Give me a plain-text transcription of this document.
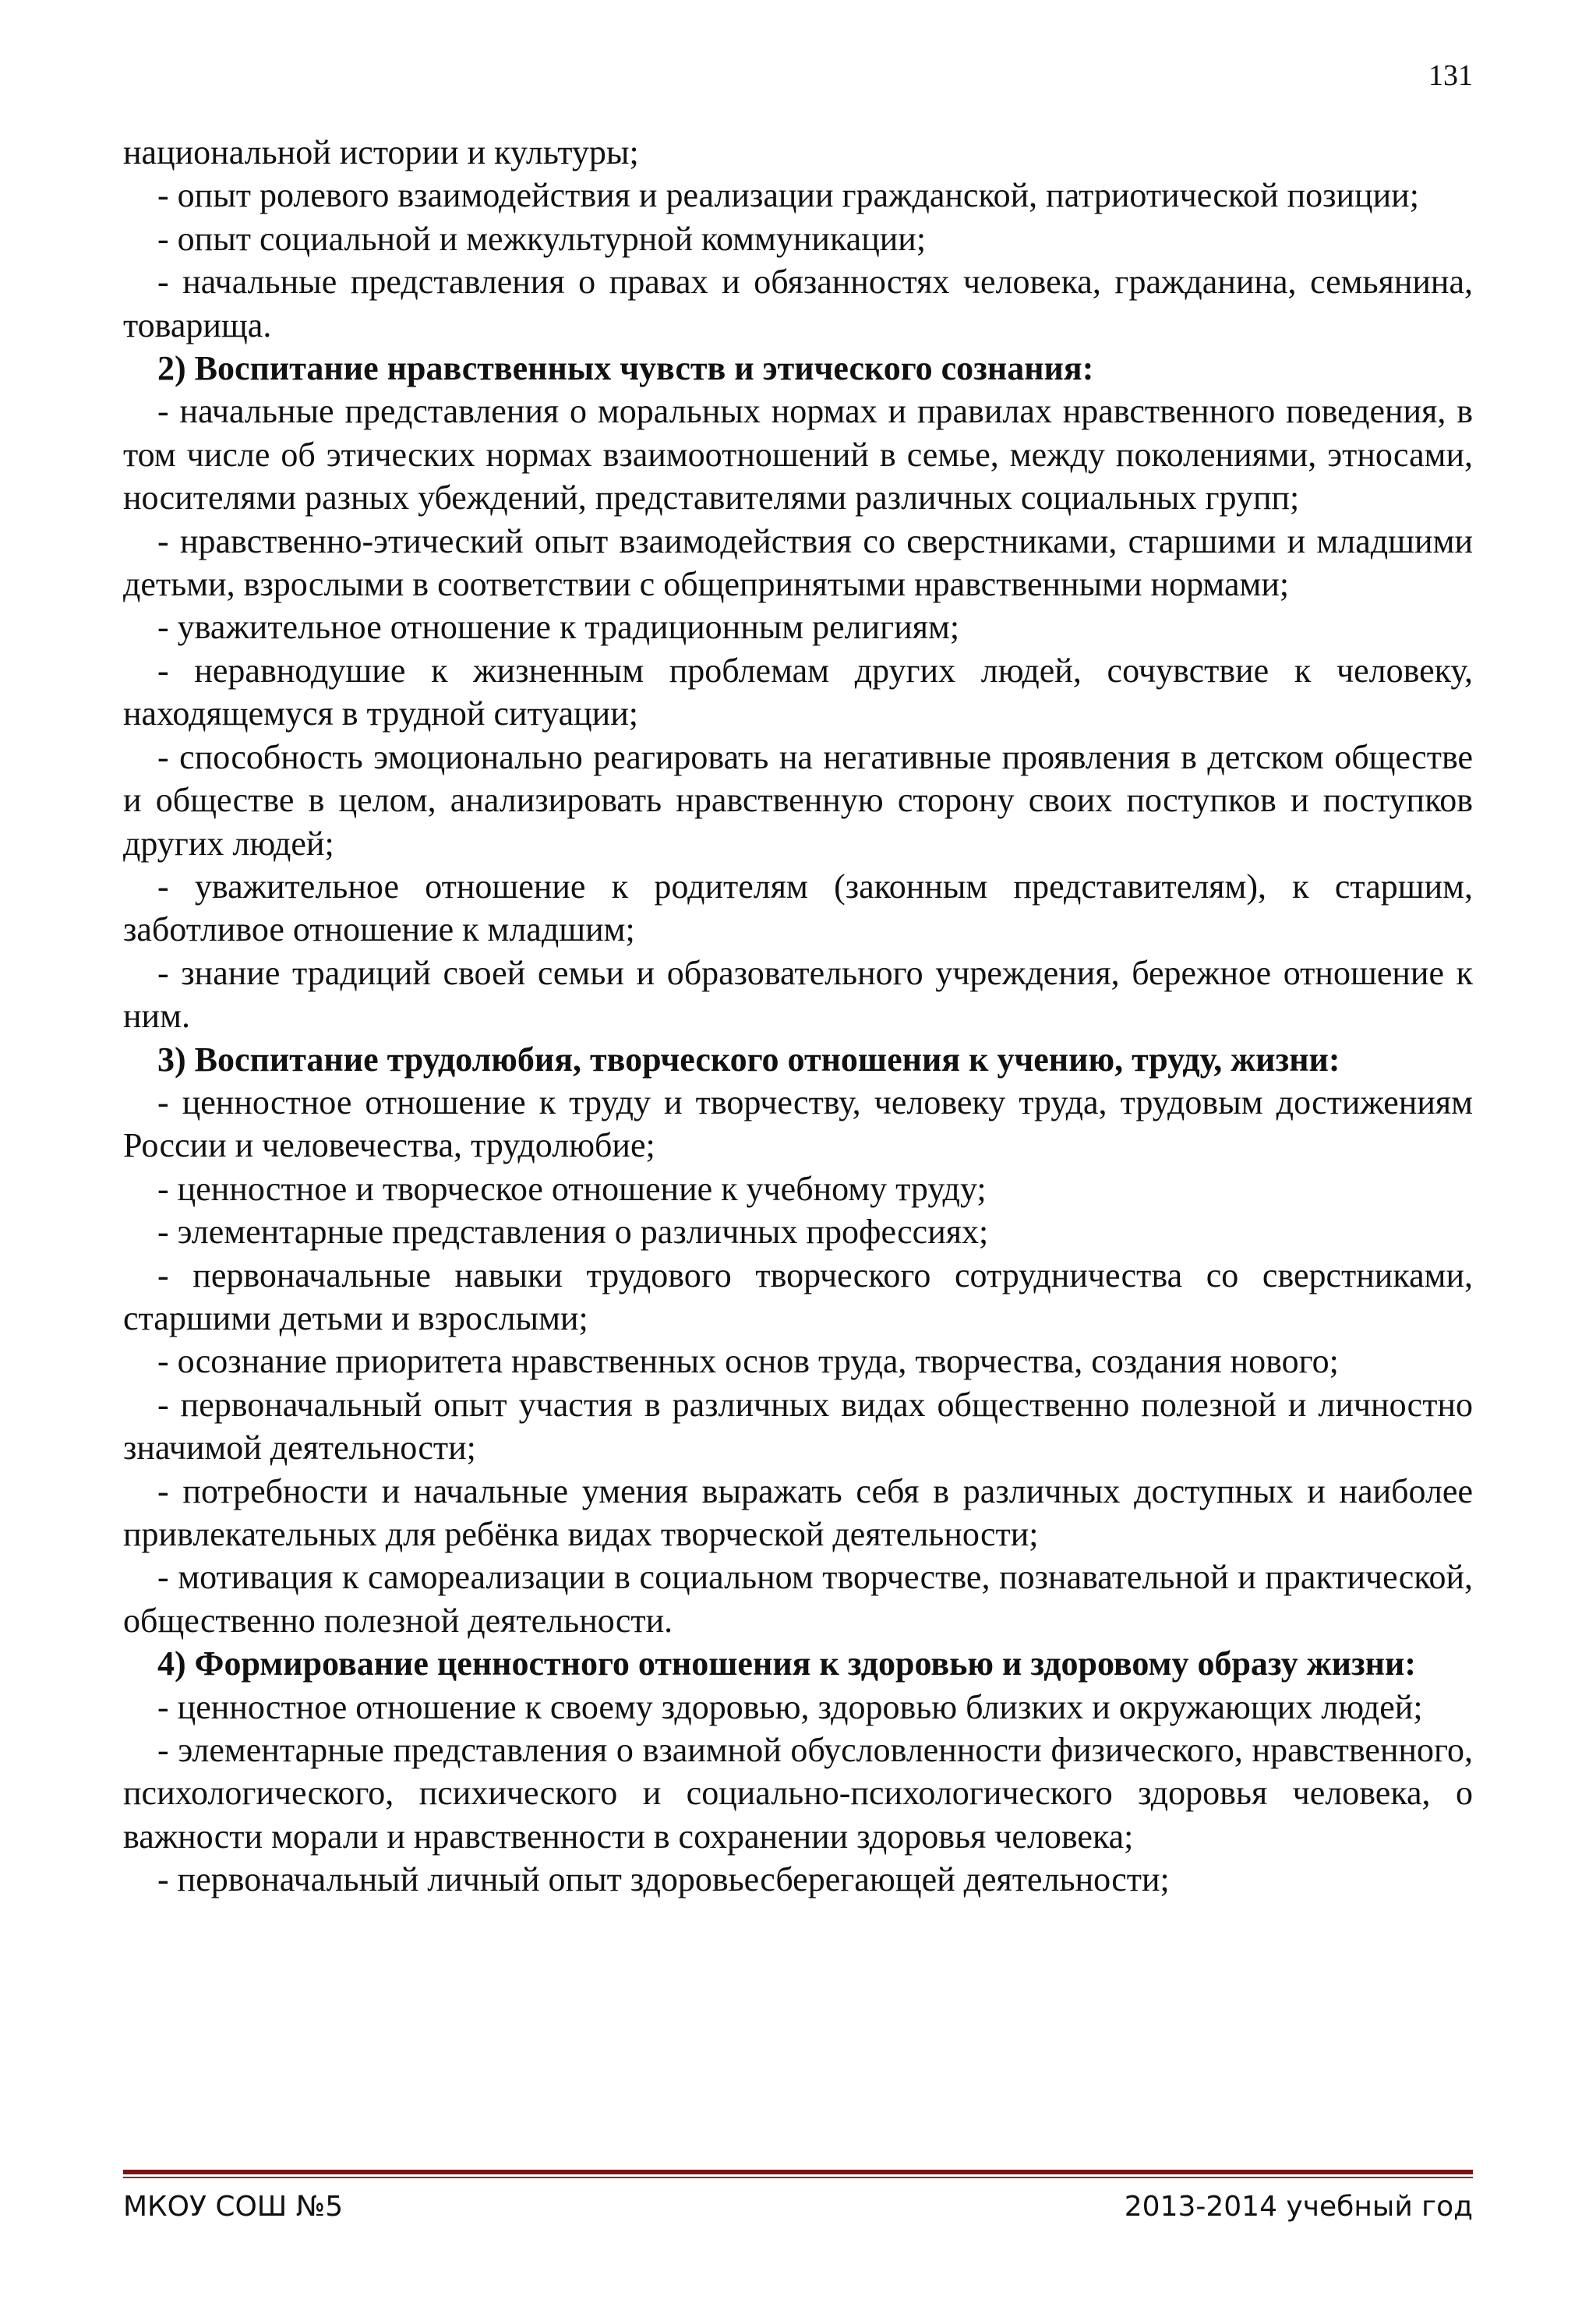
131

национальной истории и культуры;

- опыт ролевого взаимодействия и реализации гражданской, патриотической позиции;

- опыт социальной и межкультурной коммуникации;

- начальные представления о правах и обязанностях человека, гражданина, семьянина, товарища.

2) Воспитание нравственных чувств и этического сознания:

- начальные представления о моральных нормах и правилах нравственного поведения, в том числе об этических нормах взаимоотношений в семье, между поколениями, этносами, носителями разных убеждений, представителями различных социальных групп;

- нравственно-этический опыт взаимодействия со сверстниками, старшими и младшими детьми, взрослыми в соответствии с общепринятыми нравственными нормами;

- уважительное отношение к традиционным религиям;

- неравнодушие к жизненным проблемам других людей, сочувствие к человеку, находящемуся в трудной ситуации;

- способность эмоционально реагировать на негативные проявления в детском обществе и обществе в целом, анализировать нравственную сторону своих поступков и поступков других людей;

- уважительное отношение к родителям (законным представителям), к старшим, заботливое отношение к младшим;

- знание традиций своей семьи и образовательного учреждения, бережное отношение к ним.

3) Воспитание трудолюбия, творческого отношения к учению, труду, жизни:

- ценностное отношение к труду и творчеству, человеку труда, трудовым достижениям России и человечества, трудолюбие;

- ценностное и творческое отношение к учебному труду;

- элементарные представления о различных профессиях;

- первоначальные навыки трудового творческого сотрудничества со сверстниками, старшими детьми и взрослыми;

- осознание приоритета нравственных основ труда, творчества, создания нового;

- первоначальный опыт участия в различных видах общественно полезной и личностно значимой деятельности;

- потребности и начальные умения выражать себя в различных доступных и наиболее привлекательных для ребёнка видах творческой деятельности;

- мотивация к самореализации в социальном творчестве, познавательной и практической, общественно полезной деятельности.

4) Формирование ценностного отношения к здоровью и здоровому образу жизни:

- ценностное отношение к своему здоровью, здоровью близких и окружающих людей;

- элементарные представления о взаимной обусловленности физического, нравственного, психологического, психического и социально-психологического здоровья человека, о важности морали и нравственности в сохранении здоровья человека;

- первоначальный личный опыт здоровьесберегающей деятельности;

МКОУ СОШ №5	2013-2014 учебный год
